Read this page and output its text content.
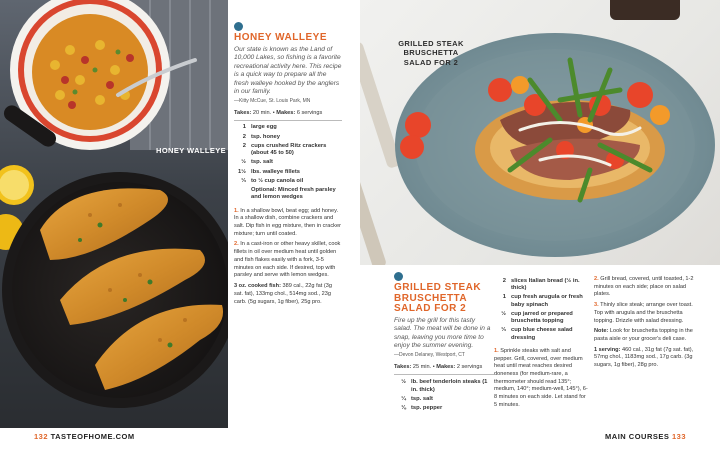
HONEY WALLEYE
GRILLED STEAK BRUSCHETTA SALAD FOR 2
HONEY WALLEYE
Our state is known as the Land of 10,000 Lakes, so fishing is a favorite recreational activity here. This recipe is a quick way to prepare all the fresh walleye hooked by the anglers in our family.
—Kitty McCue, St. Louis Park, MN
Takes: 20 min. • Makes: 6 servings
1 large egg
2 tsp. honey
2 cups crushed Ritz crackers (about 45 to 50)
½ tsp. salt
1½ lbs. walleye fillets
⅓ to ½ cup canola oil
Optional: Minced fresh parsley and lemon wedges
1. In a shallow bowl, beat egg; add honey. In a shallow dish, combine crackers and salt. Dip fish in egg mixture, then in cracker mixture; turn until coated.
2. In a cast-iron or other heavy skillet, cook fillets in oil over medium heat until golden and fish flakes easily with a fork, 3-5 minutes on each side. If desired, top with parsley and serve with lemon wedges.
3 oz. cooked fish: 389 cal., 22g fat (3g sat. fat), 133mg chol., 514mg sod., 23g carb. (5g sugars, 1g fiber), 25g pro.
GRILLED STEAK BRUSCHETTA SALAD FOR 2
Fire up the grill for this tasty salad. The meat will be done in a snap, leaving you more time to enjoy the summer evening.
—Devon Delaney, Westport, CT
Takes: 25 min. • Makes: 2 servings
½ lb. beef tenderloin steaks (1 in. thick)
¼ tsp. salt
⅛ tsp. pepper
2 slices Italian bread (½ in. thick)
1 cup fresh arugula or fresh baby spinach
½ cup jarred or prepared bruschetta topping
⅓ cup blue cheese salad dressing
1. Sprinkle steaks with salt and pepper. Grill, covered, over medium heat until meat reaches desired doneness (for medium-rare, a thermometer should read 135°; medium, 140°; medium-well, 145°), 6-8 minutes on each side. Let stand for 5 minutes.
2. Grill bread, covered, until toasted, 1-2 minutes on each side; place on salad plates.
3. Thinly slice steak; arrange over toast. Top with arugula and the bruschetta topping. Drizzle with salad dressing.
Note: Look for bruschetta topping in the pasta aisle or your grocer's deli case.
1 serving: 460 cal., 31g fat (7g sat. fat), 57mg chol., 1183mg sod., 17g carb. (3g sugars, 1g fiber), 28g pro.
132 TASTEOFHOME.COM	MAIN COURSES 133
